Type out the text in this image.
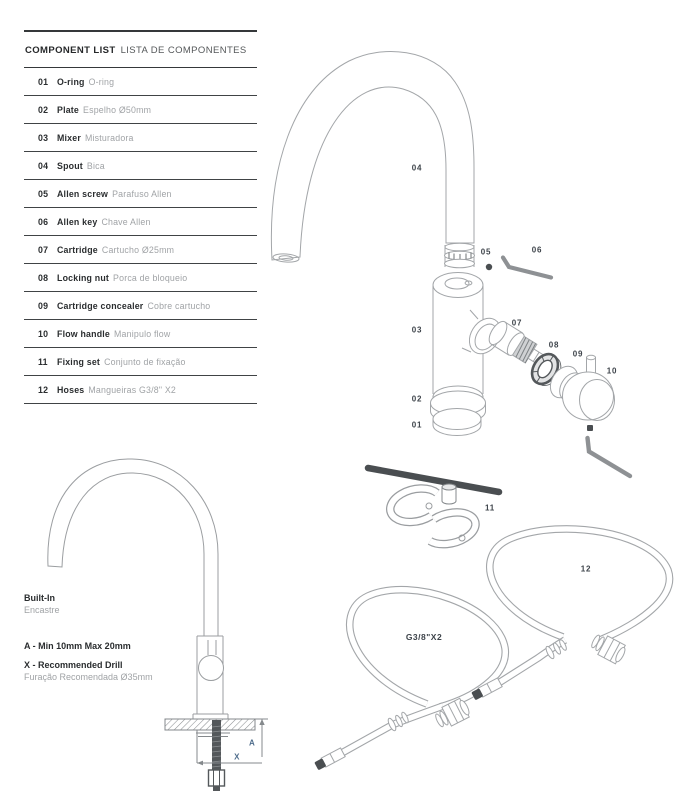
COMPONENT LIST LISTA DE COMPONENTES
01	O-ring O-ring
02	Plate Espelho Ø50mm
03	Mixer Misturadora
04	Spout Bica
05	Allen screw Parafuso Allen
06	Allen key Chave Allen
07	Cartridge Cartucho Ø25mm
08	Locking nut Porca de bloqueio
09	Cartridge concealer Cobre cartucho
10	Flow handle Manipulo flow
11	Fixing set Conjunto de fixação
12	Hoses Mangueiras G3/8" X2
04
05	06
03
07
08
09
10
02
01
11
12
G3/8"X2
A
X
Built-In
Encastre
A - Min 10mm Max 20mm
X - Recommended Drill
Furação Recomendada Ø35mm
